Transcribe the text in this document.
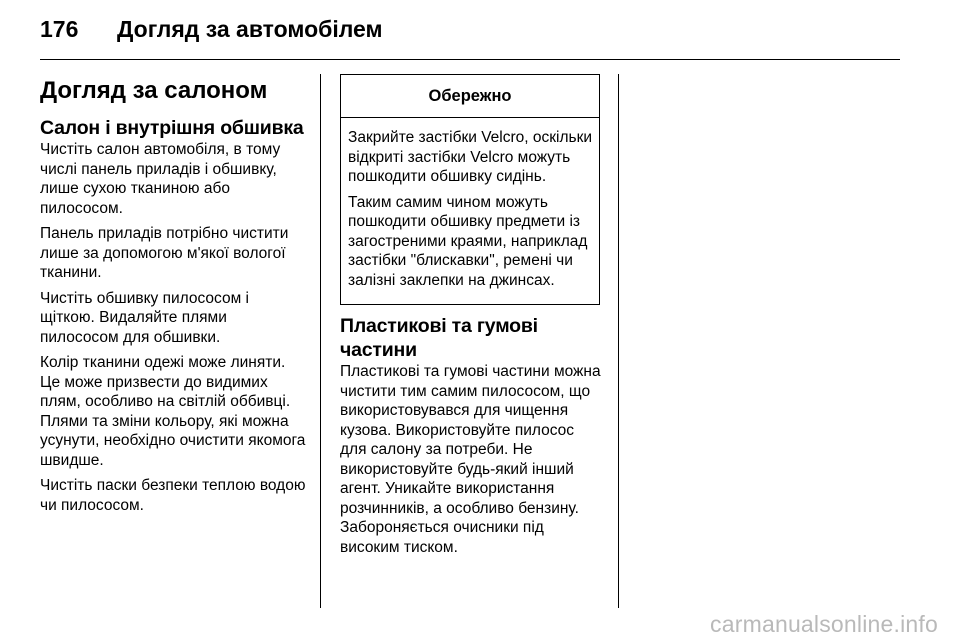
176 Догляд за автомобілем
Догляд за салоном
Салон і внутрішня обшивка

Чистіть салон автомобіля, в тому числі панель приладів і обшивку, лише сухою тканиною або пилососом.

Панель приладів потрібно чистити лише за допомогою м'якої вологої тканини.

Чистіть обшивку пилососом і щіткою. Видаляйте плями пилососом для обшивки.

Колір тканини одежі може линяти. Це може призвести до видимих плям, особливо на світлій оббивці. Плями та зміни кольору, які можна усунути, необхідно очистити якомога швидше.

Чистіть паски безпеки теплою водою чи пилососом.

Обережно

Закрийте застібки Velcro, оскільки відкриті застібки Velcro можуть пошкодити обшивку сидінь.

Таким самим чином можуть пошкодити обшивку предмети із загостреними краями, наприклад застібки "блискавки", ремені чи залізні заклепки на джинсах.

Пластикові та гумові частини

Пластикові та гумові частини можна чистити тим самим пилососом, що використовувався для чищення кузова. Використовуйте пилосос для салону за потреби. Не використовуйте будь-який інший агент. Уникайте використання розчинників, а особливо бензину. Забороняється очисники під високим тиском.

carmanualsonline.info
